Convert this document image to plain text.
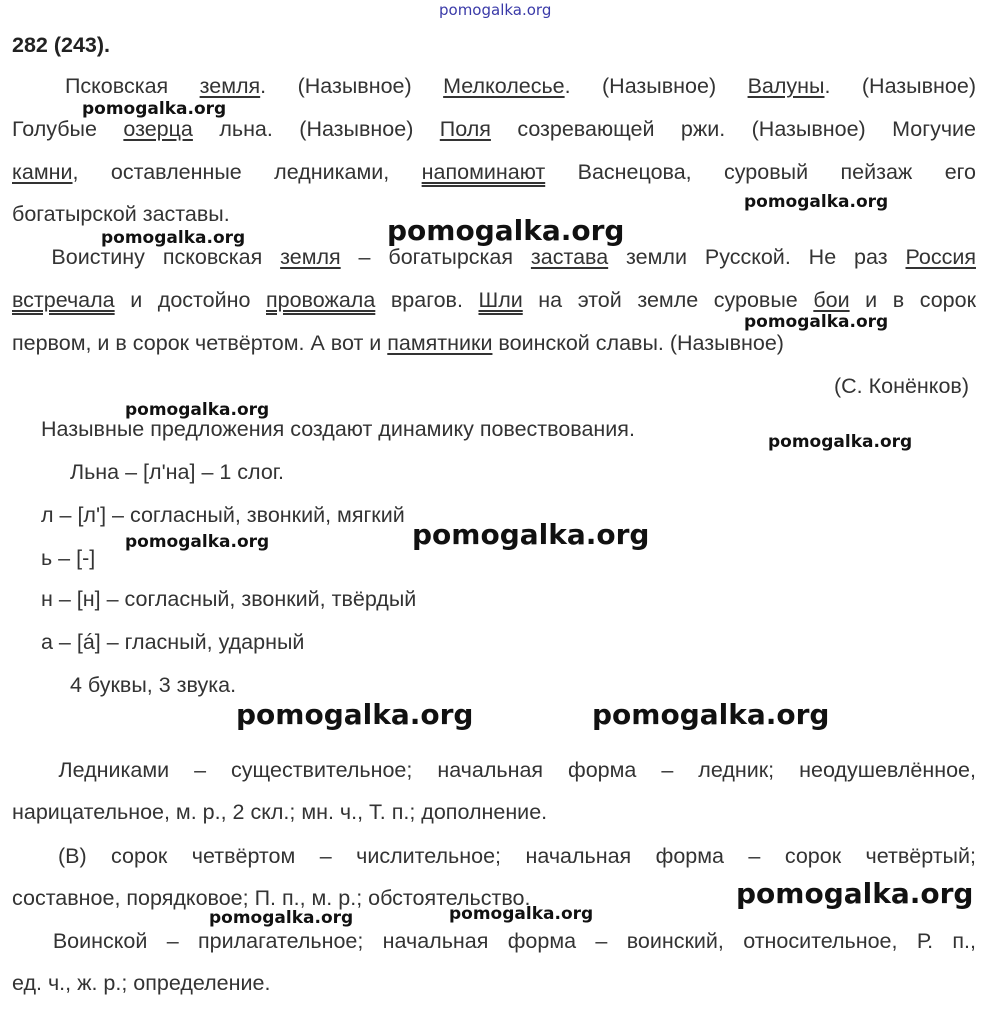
pomogalka.org
282 (243).
  Псковская земля. (Назывное) Мелколесье. (Назывное) Валуны. (Назывное)
Голубые озерца льна. (Назывное) Поля созревающей ржи. (Назывное) Могучие
камни, оставленные ледниками, напоминают Васнецова, суровый пейзаж его
богатырской заставы.
  Воистину псковская земля – богатырская застава земли Русской. Не раз Россия
встречала и достойно провожала врагов. Шли на этой земле суровые бои и в сорок
первом, и в сорок четвёртом. А вот и памятники воинской славы. (Назывное)
(С. Конёнков)
Назывные предложения создают динамику повествования.
Льна – [л'на] – 1 слог.
л – [л'] – согласный, звонкий, мягкий
ь – [-]
н – [н] – согласный, звонкий, твёрдый
а – [á] – гласный, ударный
4 буквы, 3 звука.
  Ледниками – существительное; начальная форма – ледник; неодушевлённое,
нарицательное, м. р., 2 скл.; мн. ч., Т. п.; дополнение.
  (В) сорок четвёртом – числительное; начальная форма – сорок четвёртый;
составное, порядковое; П. п., м. р.; обстоятельство.
  Воинской – прилагательное; начальная форма – воинский, относительное, Р. п.,
ед. ч., ж. р.; определение.
pomogalka.org
pomogalka.org
pomogalka.org	pomogalka.org
pomogalka.org
pomogalka.org
pomogalka.org
pomogalka.org	pomogalka.org
pomogalka.org	pomogalka.org
pomogalka.org
pomogalka.org	pomogalka.org
